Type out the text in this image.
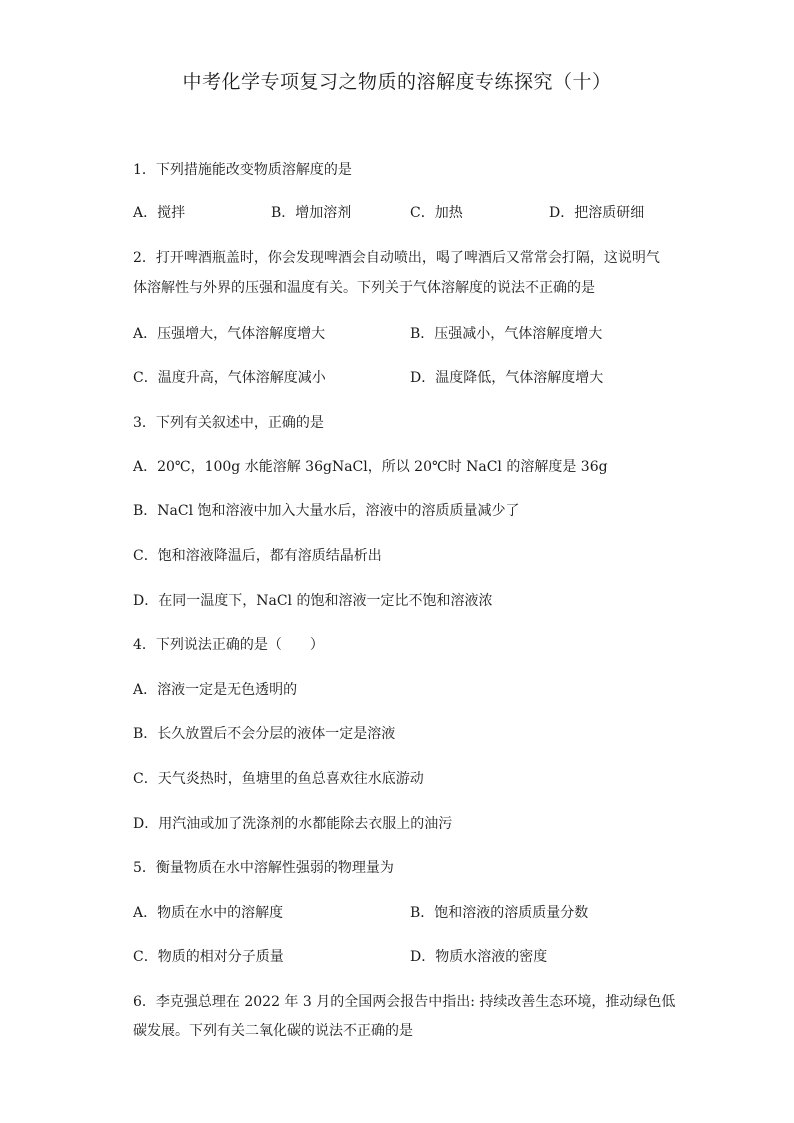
中考化学专项复习之物质的溶解度专练探究（十）
1．下列措施能改变物质溶解度的是
A．搅拌	B．增加溶剂	C．加热	D．把溶质研细
2．打开啤酒瓶盖时，你会发现啤酒会自动喷出，喝了啤酒后又常常会打隔，这说明气
体溶解性与外界的压强和温度有关。下列关于气体溶解度的说法不正确的是
A．压强增大，气体溶解度增大	B．压强减小，气体溶解度增大
C．温度升高，气体溶解度减小	D．温度降低，气体溶解度增大
3．下列有关叙述中，正确的是
A．20℃，100g 水能溶解 36gNaCl，所以 20℃时 NaCl 的溶解度是 36g
B．NaCl 饱和溶液中加入大量水后，溶液中的溶质质量减少了
C．饱和溶液降温后，都有溶质结晶析出
D．在同一温度下，NaCl 的饱和溶液一定比不饱和溶液浓
4．下列说法正确的是（　　）
A．溶液一定是无色透明的
B．长久放置后不会分层的液体一定是溶液
C．天气炎热时，鱼塘里的鱼总喜欢往水底游动
D．用汽油或加了洗涤剂的水都能除去衣服上的油污
5．衡量物质在水中溶解性强弱的物理量为
A．物质在水中的溶解度	B．饱和溶液的溶质质量分数
C．物质的相对分子质量	D．物质水溶液的密度
6．李克强总理在 2022 年 3 月的全国两会报告中指出: 持续改善生态环境，推动绿色低
碳发展。下列有关二氧化碳的说法不正确的是
